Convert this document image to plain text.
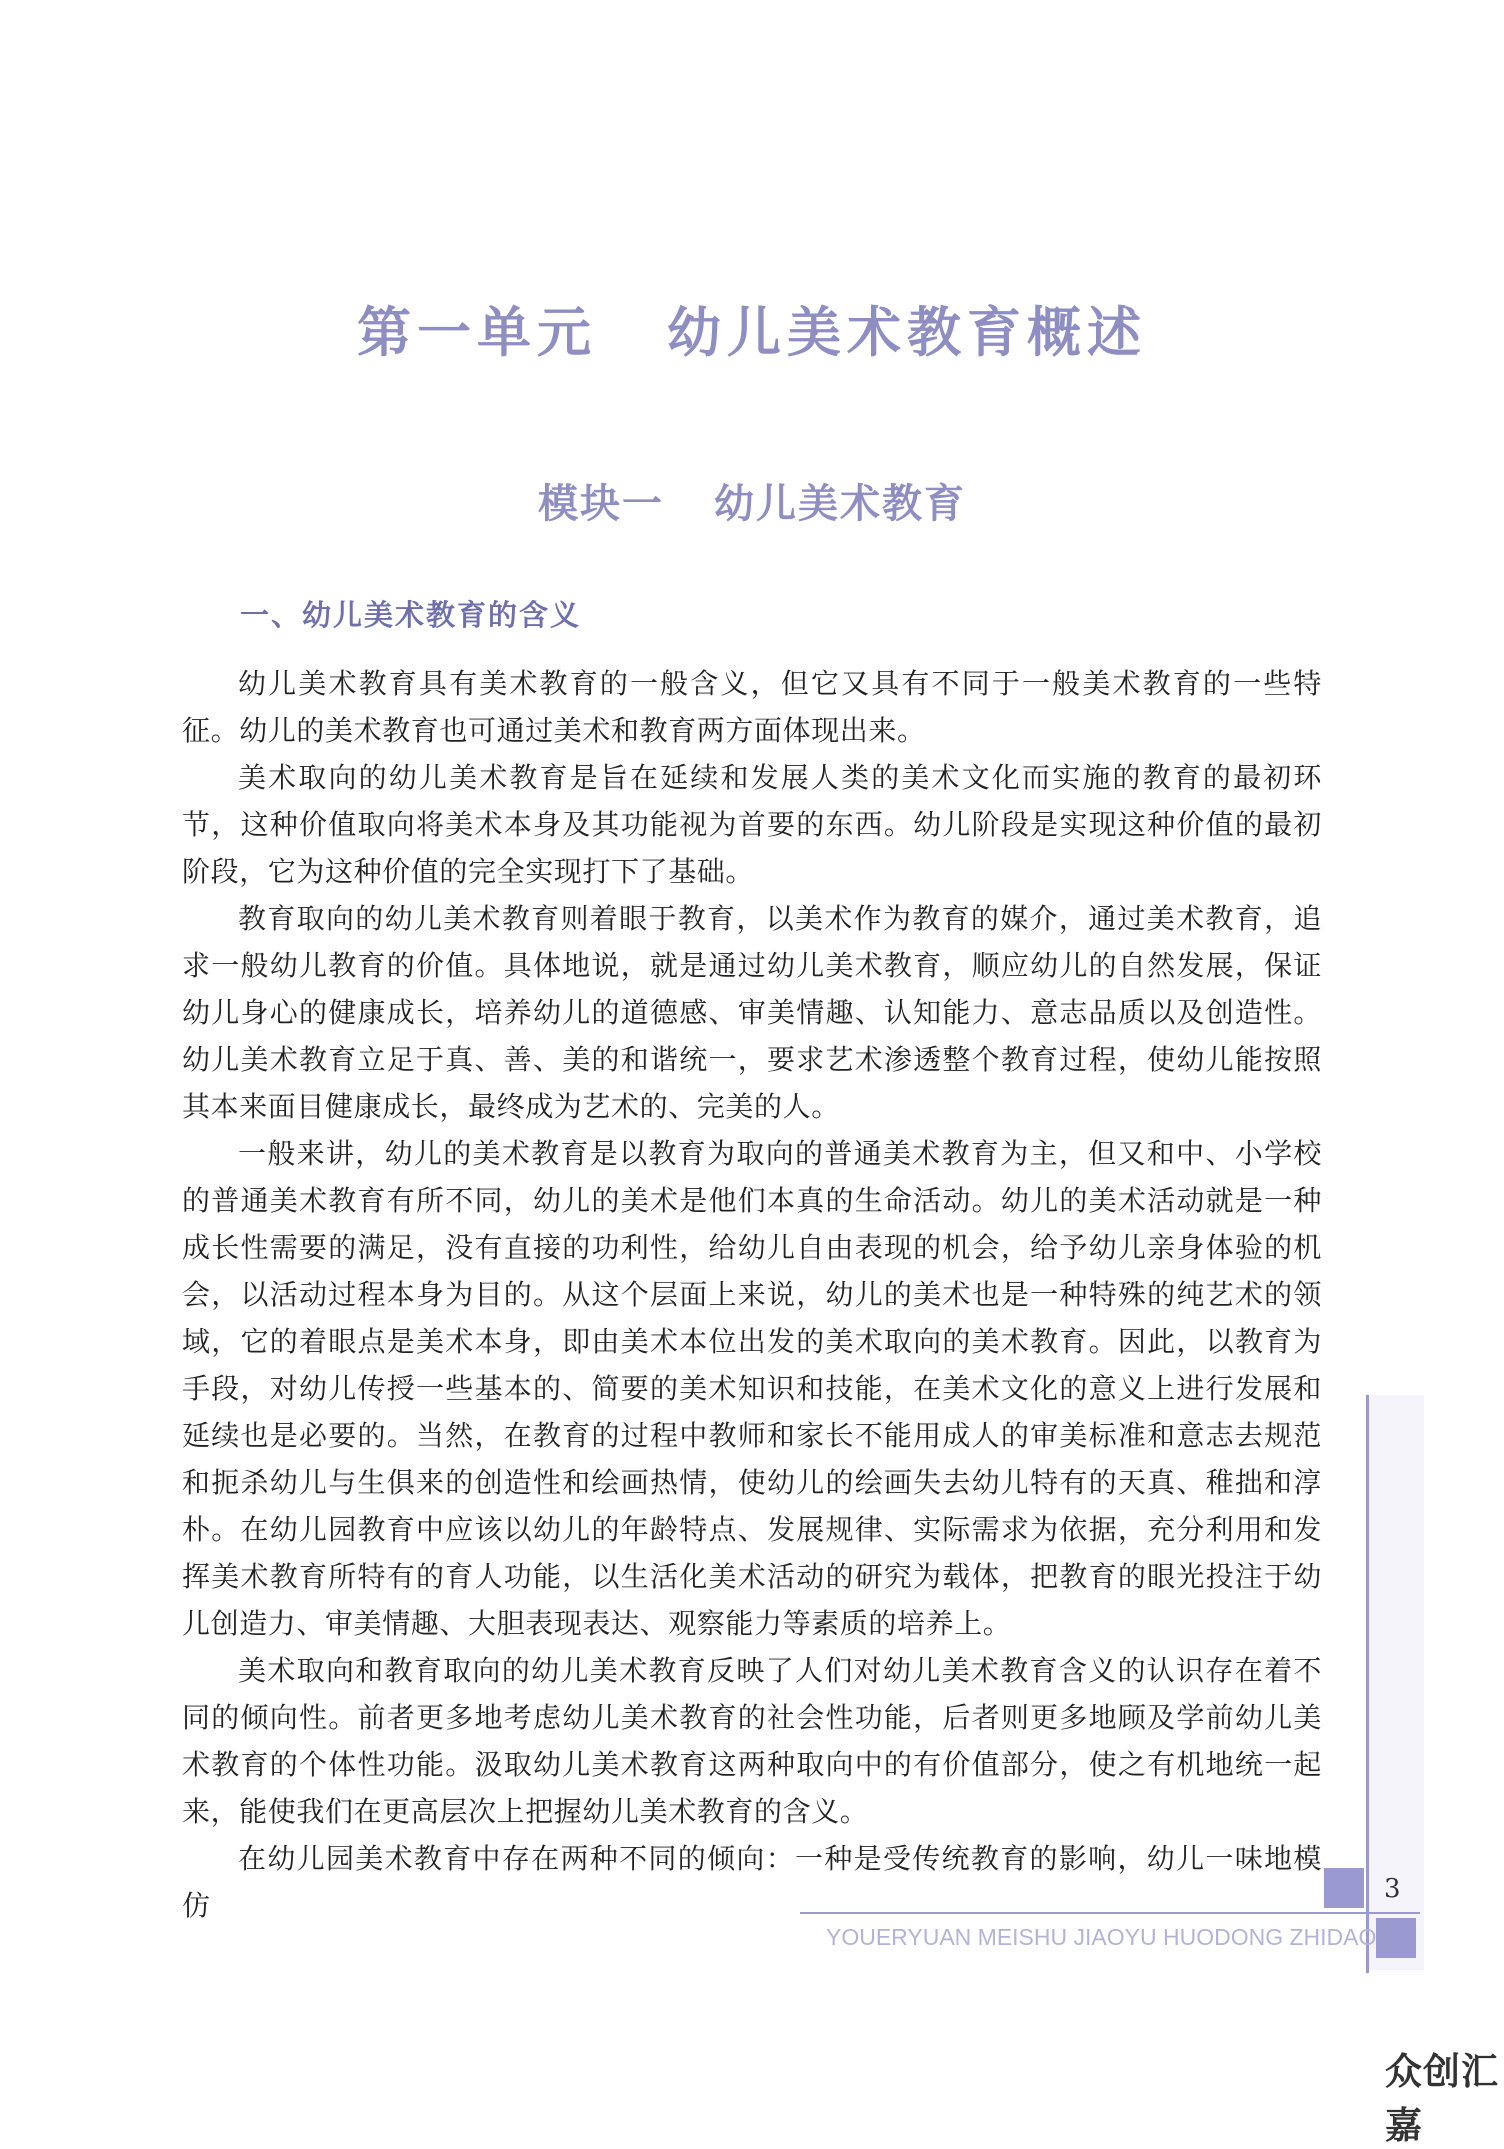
第一单元 幼儿美术教育概述
模块一 幼儿美术教育
一、幼儿美术教育的含义

幼儿美术教育具有美术教育的一般含义，但它又具有不同于一般美术教育的一些特征。幼儿的美术教育也可通过美术和教育两方面体现出来。

美术取向的幼儿美术教育是旨在延续和发展人类的美术文化而实施的教育的最初环节，这种价值取向将美术本身及其功能视为首要的东西。幼儿阶段是实现这种价值的最初阶段，它为这种价值的完全实现打下了基础。

教育取向的幼儿美术教育则着眼于教育，以美术作为教育的媒介，通过美术教育，追求一般幼儿教育的价值。具体地说，就是通过幼儿美术教育，顺应幼儿的自然发展，保证幼儿身心的健康成长，培养幼儿的道德感、审美情趣、认知能力、意志品质以及创造性。幼儿美术教育立足于真、善、美的和谐统一，要求艺术渗透整个教育过程，使幼儿能按照其本来面目健康成长，最终成为艺术的、完美的人。

一般来讲，幼儿的美术教育是以教育为取向的普通美术教育为主，但又和中、小学校的普通美术教育有所不同，幼儿的美术是他们本真的生命活动。幼儿的美术活动就是一种成长性需要的满足，没有直接的功利性，给幼儿自由表现的机会，给予幼儿亲身体验的机会，以活动过程本身为目的。从这个层面上来说，幼儿的美术也是一种特殊的纯艺术的领域，它的着眼点是美术本身，即由美术本位出发的美术取向的美术教育。因此，以教育为手段，对幼儿传授一些基本的、简要的美术知识和技能，在美术文化的意义上进行发展和延续也是必要的。当然，在教育的过程中教师和家长不能用成人的审美标准和意志去规范和扼杀幼儿与生俱来的创造性和绘画热情，使幼儿的绘画失去幼儿特有的天真、稚拙和淳朴。在幼儿园教育中应该以幼儿的年龄特点、发展规律、实际需求为依据，充分利用和发挥美术教育所特有的育人功能，以生活化美术活动的研究为载体，把教育的眼光投注于幼儿创造力、审美情趣、大胆表现表达、观察能力等素质的培养上。

美术取向和教育取向的幼儿美术教育反映了人们对幼儿美术教育含义的认识存在着不同的倾向性。前者更多地考虑幼儿美术教育的社会性功能，后者则更多地顾及学前幼儿美术教育的个体性功能。汲取幼儿美术教育这两种取向中的有价值部分，使之有机地统一起来，能使我们在更高层次上把握幼儿美术教育的含义。

在幼儿园美术教育中存在两种不同的倾向：一种是受传统教育的影响，幼儿一味地模仿	3
YOUERYUAN MEISHU JIAOYU HUODONG ZHIDAO
众创汇嘉
